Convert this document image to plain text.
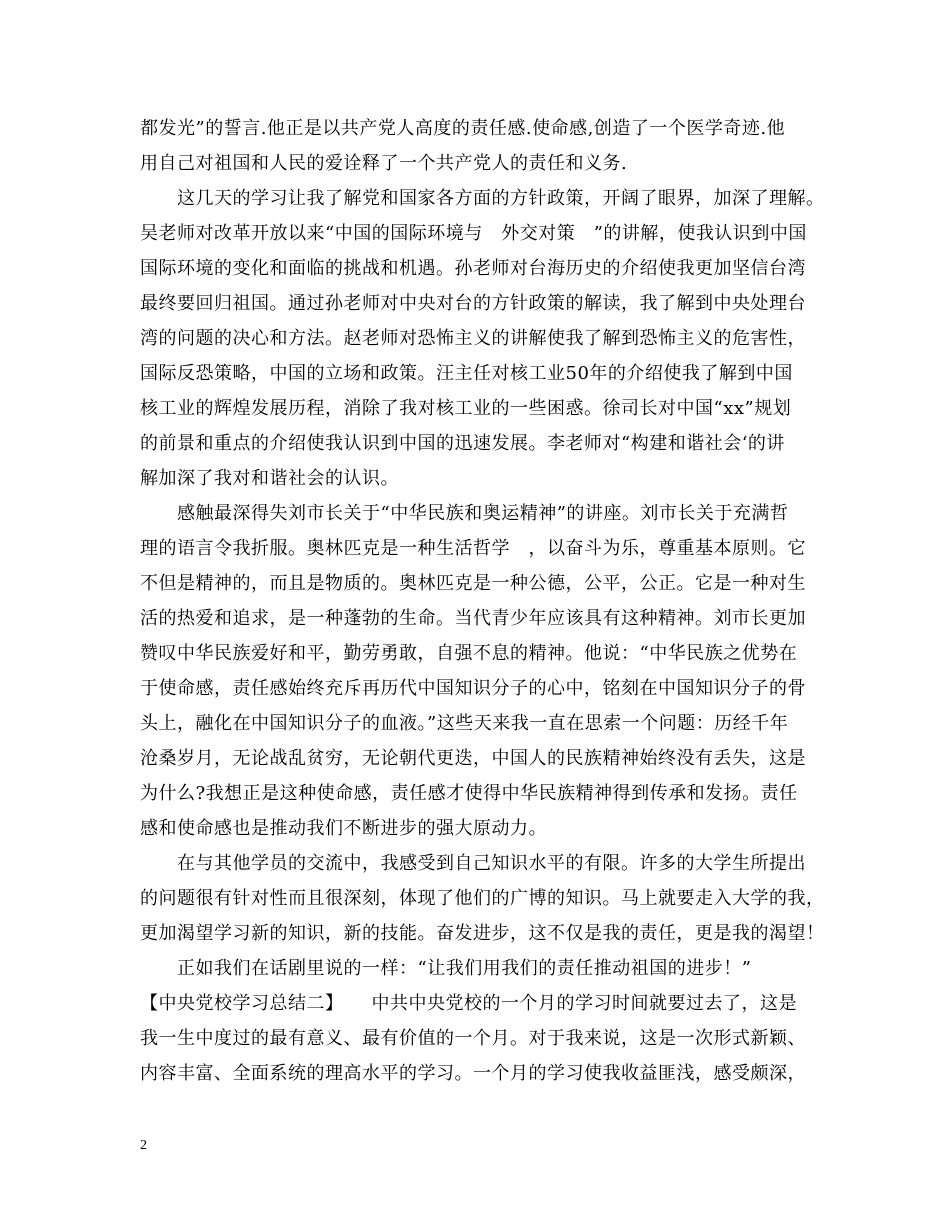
都发光”的誓言.他正是以共产党人高度的责任感.使命感,创造了一个医学奇迹.他
用自己对祖国和人民的爱诠释了一个共产党人的责任和义务.
　　这几天的学习让我了解党和国家各方面的方针政策，开阔了眼界，加深了理解。
吴老师对改革开放以来“中国的国际环境与　外交对策　”的讲解，使我认识到中国
国际环境的变化和面临的挑战和机遇。孙老师对台海历史的介绍使我更加坚信台湾
最终要回归祖国。通过孙老师对中央对台的方针政策的解读，我了解到中央处理台
湾的问题的决心和方法。赵老师对恐怖主义的讲解使我了解到恐怖主义的危害性，
国际反恐策略，中国的立场和政策。汪主任对核工业50年的介绍使我了解到中国
核工业的辉煌发展历程，消除了我对核工业的一些困惑。徐司长对中国“xx”规划
的前景和重点的介绍使我认识到中国的迅速发展。李老师对“构建和谐社会‘的讲
解加深了我对和谐社会的认识。
　　感触最深得失刘市长关于“中华民族和奥运精神”的讲座。刘市长关于充满哲
理的语言令我折服。奥林匹克是一种生活哲学　，以奋斗为乐，尊重基本原则。它
不但是精神的，而且是物质的。奥林匹克是一种公德，公平，公正。它是一种对生
活的热爱和追求，是一种蓬勃的生命。当代青少年应该具有这种精神。刘市长更加
赞叹中华民族爱好和平，勤劳勇敢，自强不息的精神。他说：“中华民族之优势在
于使命感，责任感始终充斥再历代中国知识分子的心中，铭刻在中国知识分子的骨
头上，融化在中国知识分子的血液。”这些天来我一直在思索一个问题：历经千年
沧桑岁月，无论战乱贫穷，无论朝代更迭，中国人的民族精神始终没有丢失，这是
为什么?我想正是这种使命感，责任感才使得中华民族精神得到传承和发扬。责任
感和使命感也是推动我们不断进步的强大原动力。
　　在与其他学员的交流中，我感受到自己知识水平的有限。许多的大学生所提出
的问题很有针对性而且很深刻，体现了他们的广博的知识。马上就要走入大学的我，
更加渴望学习新的知识，新的技能。奋发进步，这不仅是我的责任，更是我的渴望！
　　正如我们在话剧里说的一样：“让我们用我们的责任推动祖国的进步！”
【中央党校学习总结二】　　中共中央党校的一个月的学习时间就要过去了，这是
我一生中度过的最有意义、最有价值的一个月。对于我来说，这是一次形式新颖、
内容丰富、全面系统的理高水平的学习。一个月的学习使我收益匪浅，感受颇深，
2
